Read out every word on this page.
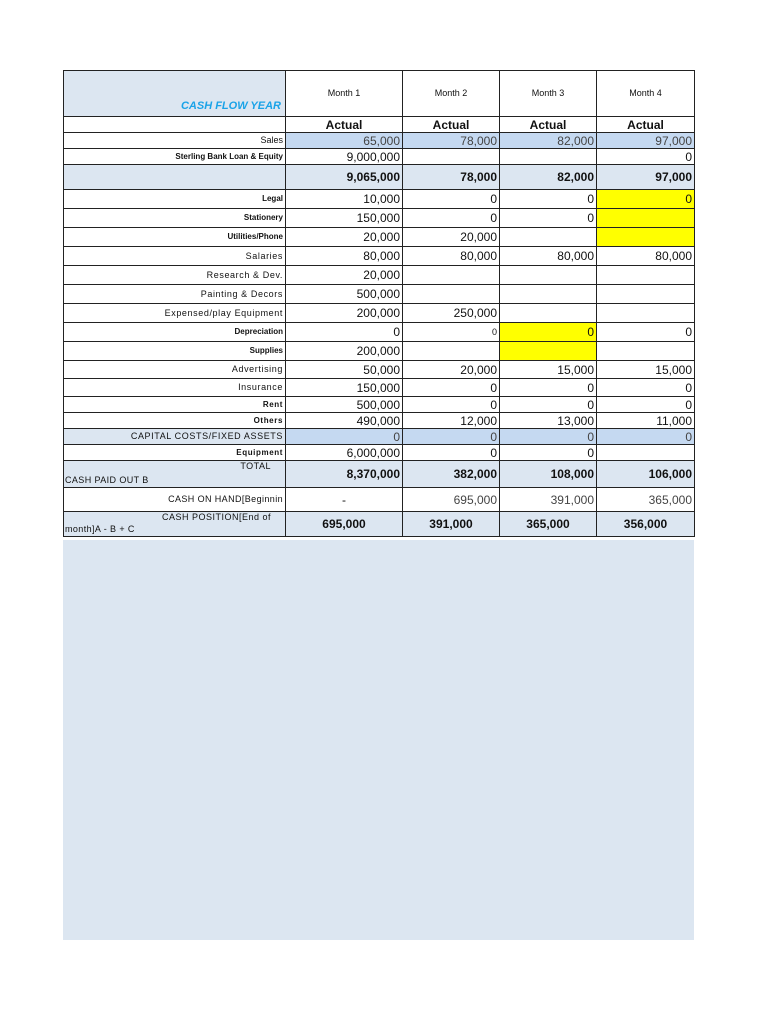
CASH FLOW YEAR	Month 1	Month 2	Month 3	Month 4
	Actual	Actual	Actual	Actual
Sales	65,000	78,000	82,000	97,000
Sterling Bank Loan & Equity	9,000,000			0
	9,065,000	78,000	82,000	97,000
Legal	10,000	0	0	0
Stationery	150,000	0	0	
Utilities/Phone	20,000	20,000		
Salaries	80,000	80,000	80,000	80,000
Research & Dev.	20,000			
Painting & Decors	500,000			
Expensed/play Equipment	200,000	250,000		
Depreciation	0	0	0	0
Supplies	200,000			
Advertising	50,000	20,000	15,000	15,000
Insurance	150,000	0	0	0
Rent	500,000	0	0	0
Others	490,000	12,000	13,000	11,000
CAPITAL COSTS/FIXED ASSETS	0	0	0	0
Equipment	6,000,000	0	0	

TOTAL
CASH PAID OUT B	8,370,000	382,000	108,000	106,000
CASH ON HAND[Beginnin	-	695,000	391,000	365,000

CASH POSITION[End of
month]A - B + C	695,000	391,000	365,000	356,000
